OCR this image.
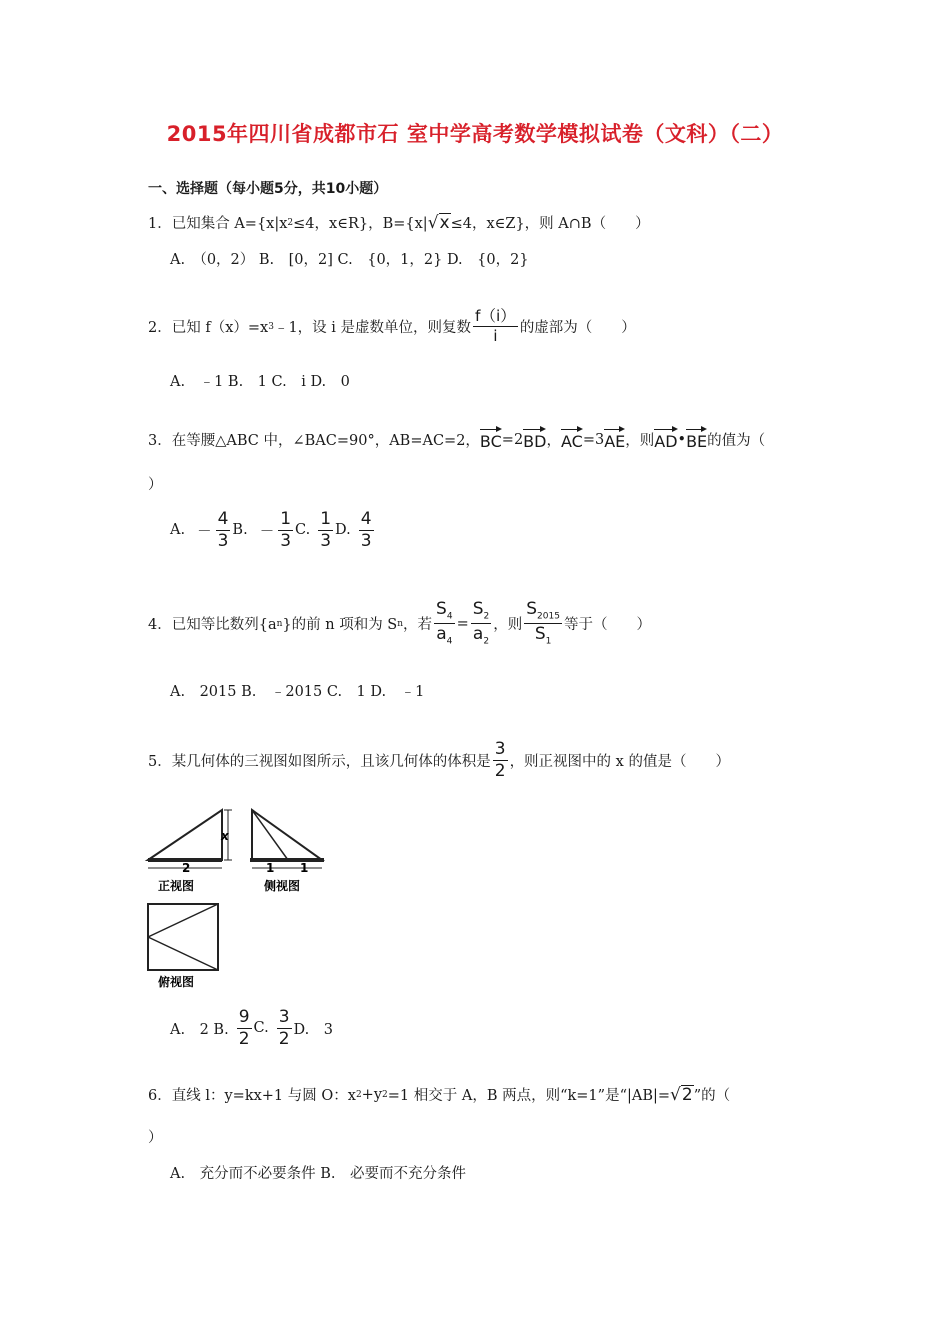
2015年四川省成都市石 室中学高考数学模拟试卷（文科）（二）
一、选择题（每小题5分，共10小题）
1．已知集合 A={x|x 2 ≤4，x∈R}，B={x| √ x ≤4，x∈Z}，则 A∩B（　　）
A.　（0，2） B.　[0，2] C.　{0，1，2} D.　{0，2}
2．已知 f（x）=x 3 ﹣1，设 i 是虚数单位，则复数 $\frac{f(i)}{i}$ 的虚部为（　　）
A.　﹣1 B.　1 C.　i D.　0
3．在等腰△ABC 中，∠BAC=90°，AB=AC=2， BC =2 BD ， AC =3 AE ，则 AD • BE 的值为（
）
A. － $\frac{4}{3} B$. － $\frac{1}{3} C$. $\frac{1}{3} D$. $\frac{4}{3}$
4．已知等比数列{a n }的前 n 项和为 S n ，若 $\frac{S_4}{a_4} = \frac{S_2}{a_2}$ ，则 $\frac{S_{2015}}{S_1}$ 等于（　　）
A.　2015 B.　﹣2015 C.　1 D.　﹣1
5．某几何体的三视图如图所示，且该几何体的体积是 $\frac{3}{2}$ ，则正视图中的 x 的值是（　　）
x
2
正视图
1 1
侧视图
俯视图
A.　2 B. $\frac{9}{2} C$. $\frac{3}{2} D$.　3
6．直线 l：y=kx+1 与圆 O：x 2 +y 2 =1 相交于 A，B 两点，则“k=1”是“|AB|= √ 2 ”的（
）
A.　充分而不必要条件 B.　必要而不充分条件
